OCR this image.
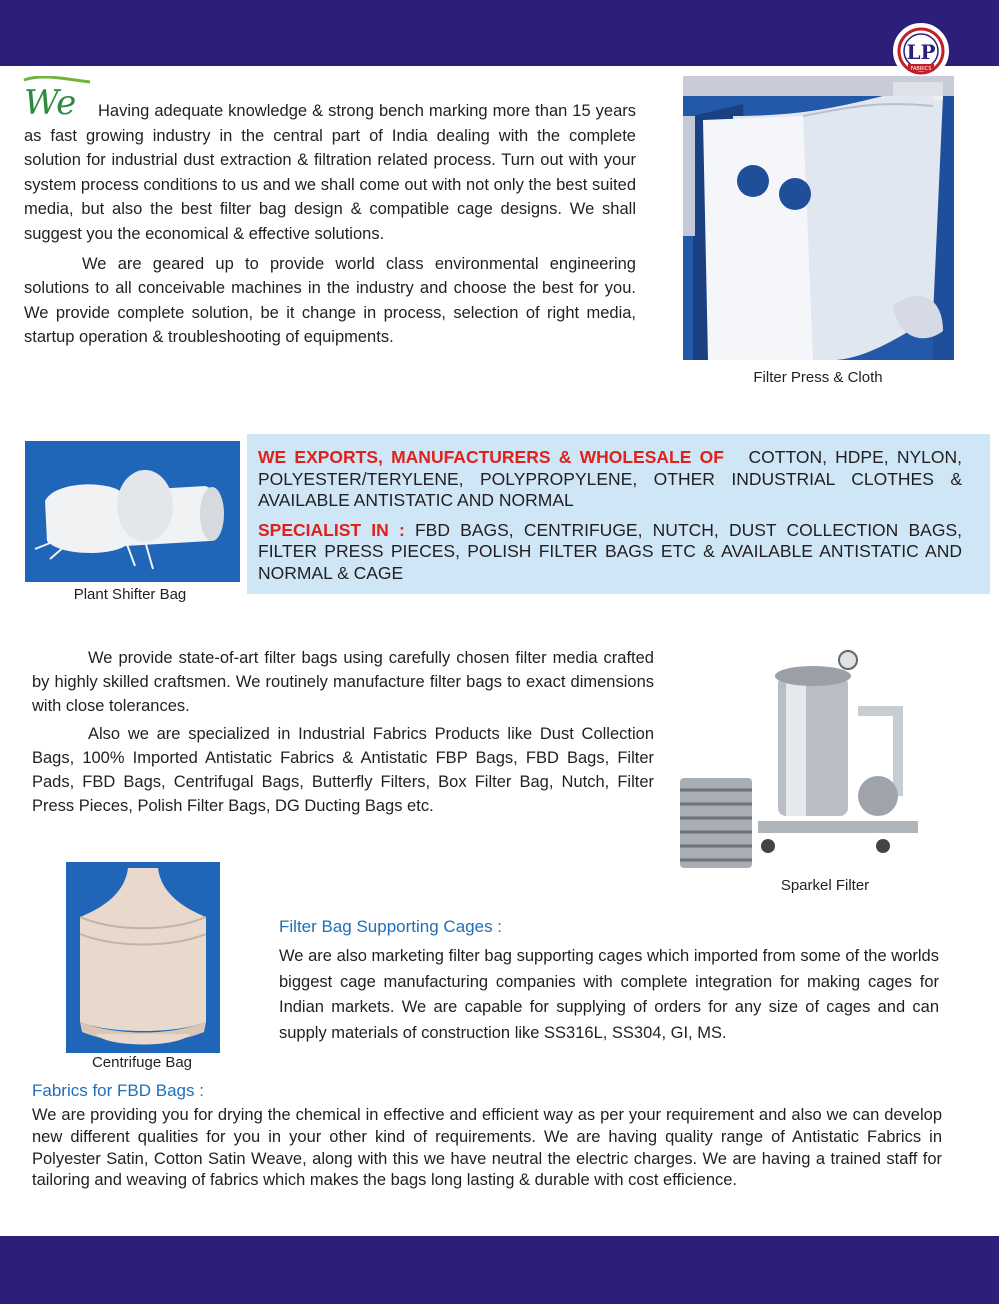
LP
FABRICS
We	Having adequate knowledge & strong bench marking more than 15 years as fast growing industry in the central part of India dealing with the complete solution for industrial dust extraction & filtration related process. Turn out with your system process conditions to us and we shall come out with not only the best suited media, but also the best filter bag design & compatible cage designs. We shall suggest you the economical & effective solutions.

We are geared up to provide world class environmental engineering solutions to all conceivable machines in the industry and choose the best for you. We provide complete solution, be it change in process, selection of right media, startup operation & troubleshooting of equipments.

Filter Press & Cloth

WE EXPORTS, MANUFACTURERS & WHOLESALE OF COTTON, HDPE, NYLON, POLYESTER/TERYLENE, POLYPROPYLENE, OTHER INDUSTRIAL CLOTHES & AVAILABLE ANTISTATIC AND NORMAL

SPECIALIST IN : FBD BAGS, CENTRIFUGE, NUTCH, DUST COLLECTION BAGS, FILTER PRESS PIECES, POLISH FILTER BAGS ETC & AVAILABLE ANTISTATIC AND NORMAL & CAGE

Plant Shifter Bag

We provide state-of-art filter bags using carefully chosen filter media crafted by highly skilled craftsmen. We routinely manufacture filter bags to exact dimensions with close tolerances.

Also we are specialized in Industrial Fabrics Products like Dust Collection Bags, 100% Imported Antistatic Fabrics & Antistatic FBP Bags, FBD Bags, Filter Pads, FBD Bags, Centrifugal Bags, Butterfly Filters, Box Filter Bag, Nutch, Filter Press Pieces, Polish Filter Bags, DG Ducting Bags etc.

Sparkel Filter
Centrifuge Bag
Filter Bag Supporting Cages :
We are also marketing filter bag supporting cages which imported from some of the worlds biggest cage manufacturing companies with complete integration for making cages for Indian markets. We are capable for supplying of orders for any size of cages and can supply materials of construction like SS316L, SS304, GI, MS.
Fabrics for FBD Bags :
We are providing you for drying the chemical in effective and efficient way as per your requirement and also we can develop new different qualities for you in your other kind of requirements. We are having quality range of Antistatic Fabrics in Polyester Satin, Cotton Satin Weave, along with this we have neutral the electric charges. We are having a trained staff for tailoring and weaving of fabrics which makes the bags long lasting & durable with cost efficience.
